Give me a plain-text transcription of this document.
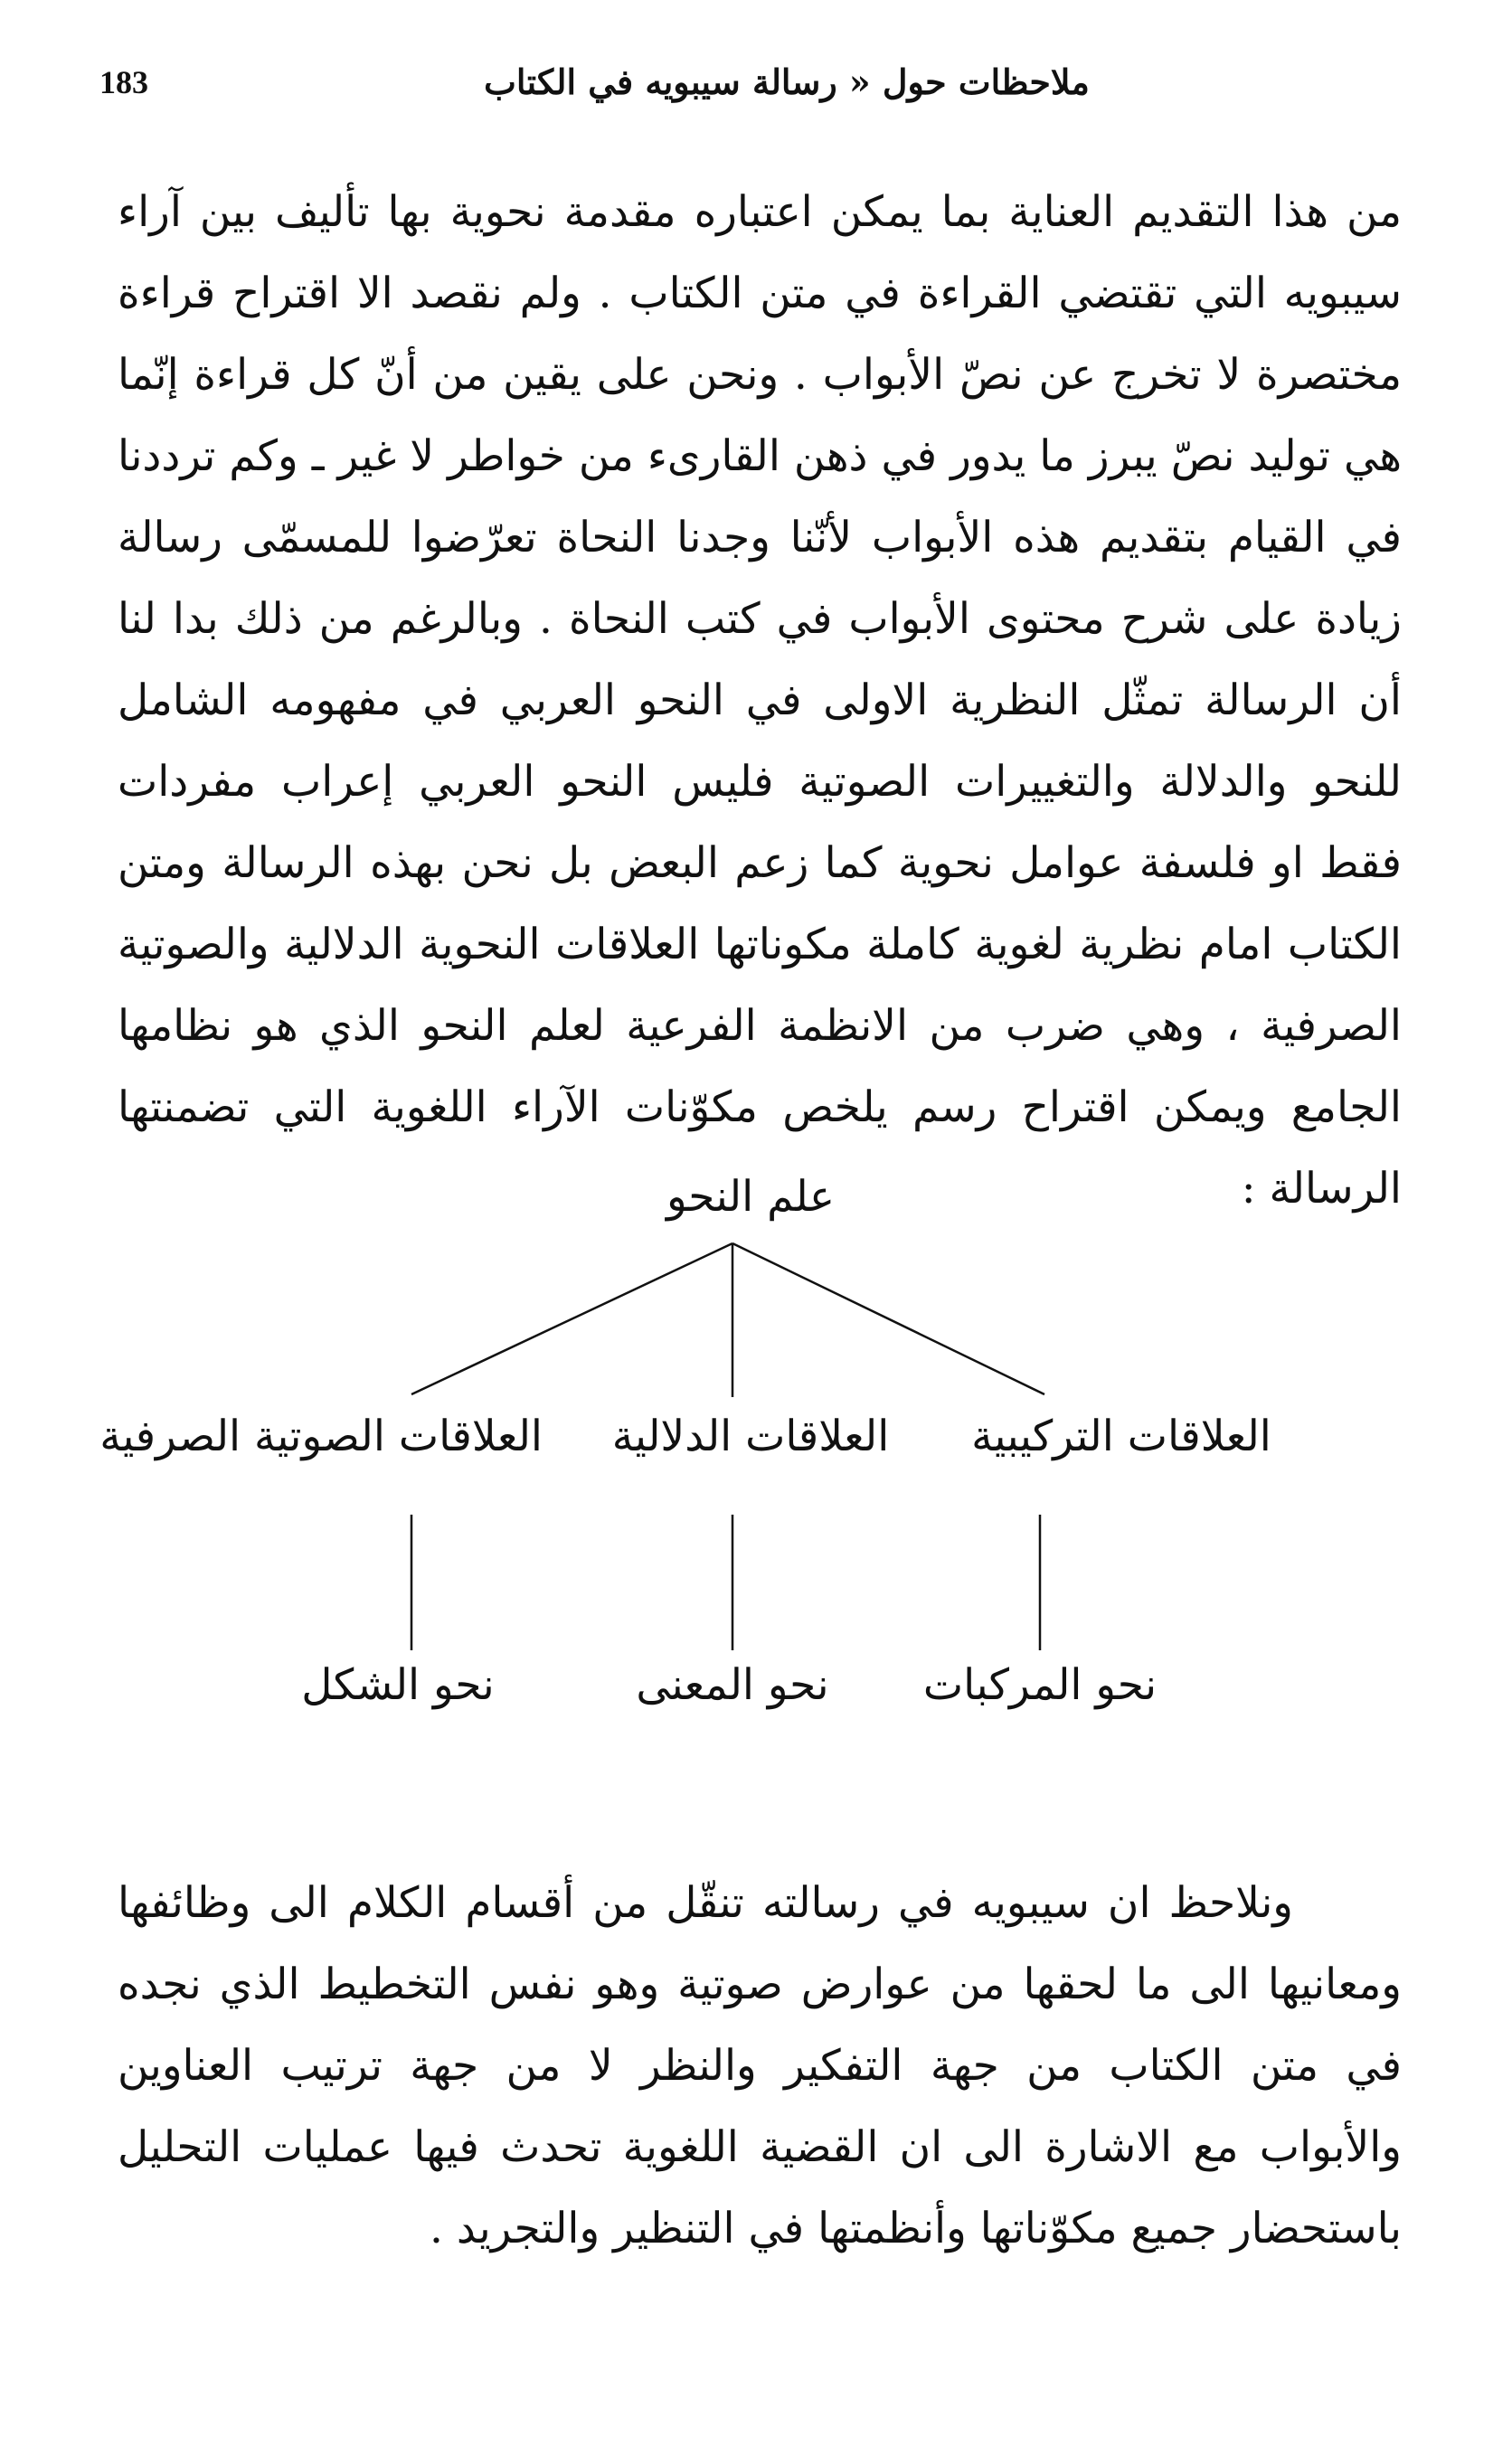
183	ملاحظات حول « رسالة سيبويه في الكتاب

من هذا التقديم العناية بما يمكن اعتباره مقدمة نحوية بها تأليف بين آراء سيبويه التي تقتضي القراءة في متن الكتاب . ولم نقصد الا اقتراح قراءة مختصرة لا تخرج عن نصّ الأبواب . ونحن على يقين من أنّ كل قراءة إنّما هي توليد نصّ يبرز ما يدور في ذهن القارىء من خواطر لا غير ـ وكم ترددنا في القيام بتقديم هذه الأبواب لأنّنا وجدنا النحاة تعرّضوا للمسمّى رسالة زيادة على شرح محتوى الأبواب في كتب النحاة . وبالرغم من ذلك بدا لنا أن الرسالة تمثّل النظرية الاولى في النحو العربي في مفهومه الشامل للنحو والدلالة والتغييرات الصوتية فليس النحو العربي إعراب مفردات فقط او فلسفة عوامل نحوية كما زعم البعض بل نحن بهذه الرسالة ومتن الكتاب امام نظرية لغوية كاملة مكوناتها العلاقات النحوية الدلالية والصوتية الصرفية ، وهي ضرب من الانظمة الفرعية لعلم النحو الذي هو نظامها الجامع ويمكن اقتراح رسم يلخص مكوّنات الآراء اللغوية التي تضمنتها الرسالة :

علم النحو
العلاقات التركيبية
العلاقات الدلالية
العلاقات الصوتية الصرفية
نحو المركبات
نحو المعنى
نحو الشكل

ونلاحظ ان سيبويه في رسالته تنقّل من أقسام الكلام الى وظائفها ومعانيها الى ما لحقها من عوارض صوتية وهو نفس التخطيط الذي نجده في متن الكتاب من جهة التفكير والنظر لا من جهة ترتيب العناوين والأبواب مع الاشارة الى ان القضية اللغوية تحدث فيها عمليات التحليل باستحضار جميع مكوّناتها وأنظمتها في التنظير والتجريد .
